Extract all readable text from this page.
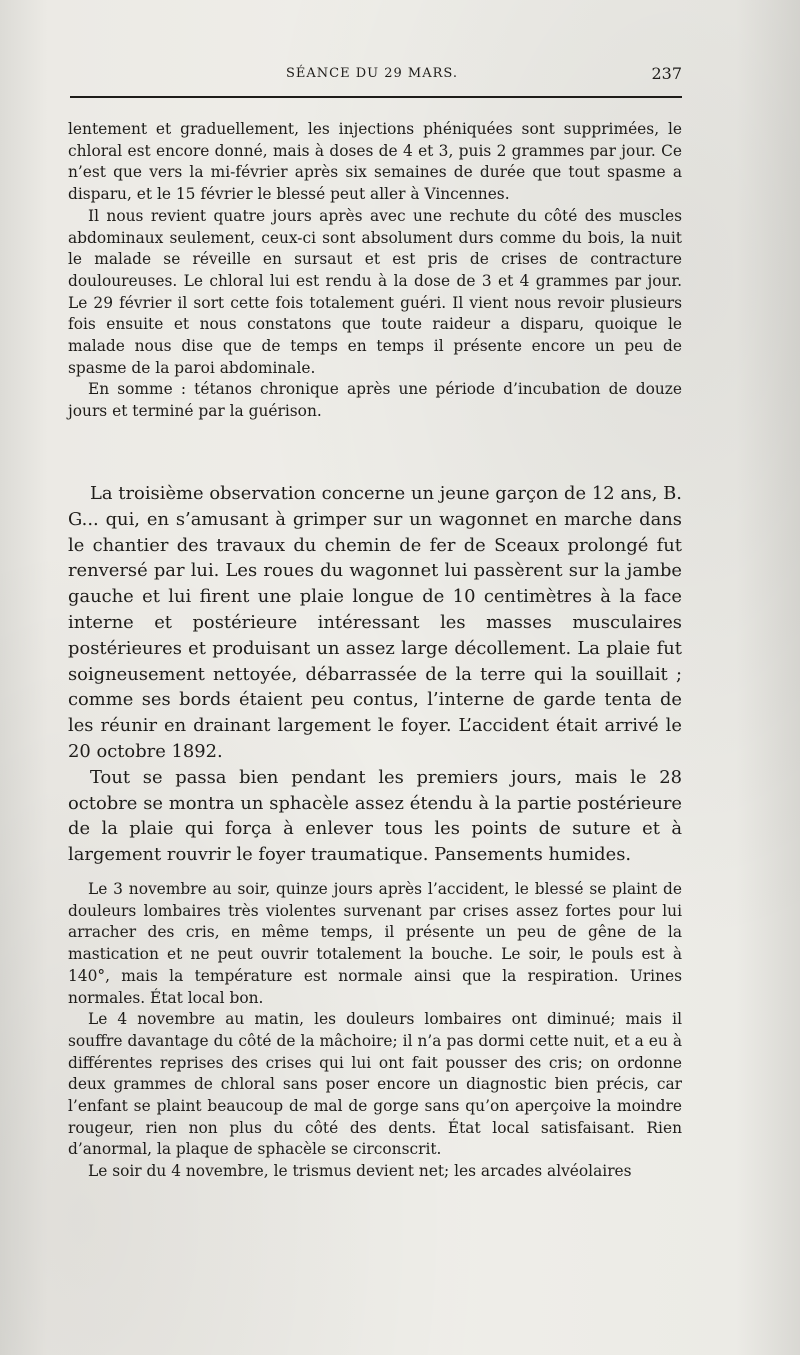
SÉANCE DU 29 MARS.	237

lentement et graduellement, les injections phéniquées sont supprimées, le chloral est encore donné, mais à doses de 4 et 3, puis 2 grammes par jour. Ce n’est que vers la mi-février après six semaines de durée que tout spasme a disparu, et le 15 février le blessé peut aller à Vincennes.

Il nous revient quatre jours après avec une rechute du côté des muscles abdominaux seulement, ceux-ci sont absolument durs comme du bois, la nuit le malade se réveille en sursaut et est pris de crises de contracture douloureuses. Le chloral lui est rendu à la dose de 3 et 4 grammes par jour. Le 29 février il sort cette fois totalement guéri. Il vient nous revoir plusieurs fois ensuite et nous constatons que toute raideur a disparu, quoique le malade nous dise que de temps en temps il présente encore un peu de spasme de la paroi abdominale.

En somme : tétanos chronique après une période d’incubation de douze jours et terminé par la guérison.

La troisième observation concerne un jeune garçon de 12 ans, B. G... qui, en s’amusant à grimper sur un wagonnet en marche dans le chantier des travaux du chemin de fer de Sceaux prolongé fut renversé par lui. Les roues du wagonnet lui passèrent sur la jambe gauche et lui firent une plaie longue de 10 centimètres à la face interne et postérieure intéressant les masses musculaires postérieures et produisant un assez large décollement. La plaie fut soigneusement nettoyée, débarrassée de la terre qui la souillait ; comme ses bords étaient peu contus, l’interne de garde tenta de les réunir en drainant largement le foyer. L’accident était arrivé le 20 octobre 1892.

Tout se passa bien pendant les premiers jours, mais le 28 octobre se montra un sphacèle assez étendu à la partie postérieure de la plaie qui força à enlever tous les points de suture et à largement rouvrir le foyer traumatique. Pansements humides.

Le 3 novembre au soir, quinze jours après l’accident, le blessé se plaint de douleurs lombaires très violentes survenant par crises assez fortes pour lui arracher des cris, en même temps, il présente un peu de gêne de la mastication et ne peut ouvrir totalement la bouche. Le soir, le pouls est à 140°, mais la température est normale ainsi que la respiration. Urines normales. État local bon.

Le 4 novembre au matin, les douleurs lombaires ont diminué; mais il souffre davantage du côté de la mâchoire; il n’a pas dormi cette nuit, et a eu à différentes reprises des crises qui lui ont fait pousser des cris; on ordonne deux grammes de chloral sans poser encore un diagnostic bien précis, car l’enfant se plaint beaucoup de mal de gorge sans qu’on aperçoive la moindre rougeur, rien non plus du côté des dents. État local satisfaisant. Rien d’anormal, la plaque de sphacèle se circonscrit.

Le soir du 4 novembre, le trismus devient net; les arcades alvéolaires
